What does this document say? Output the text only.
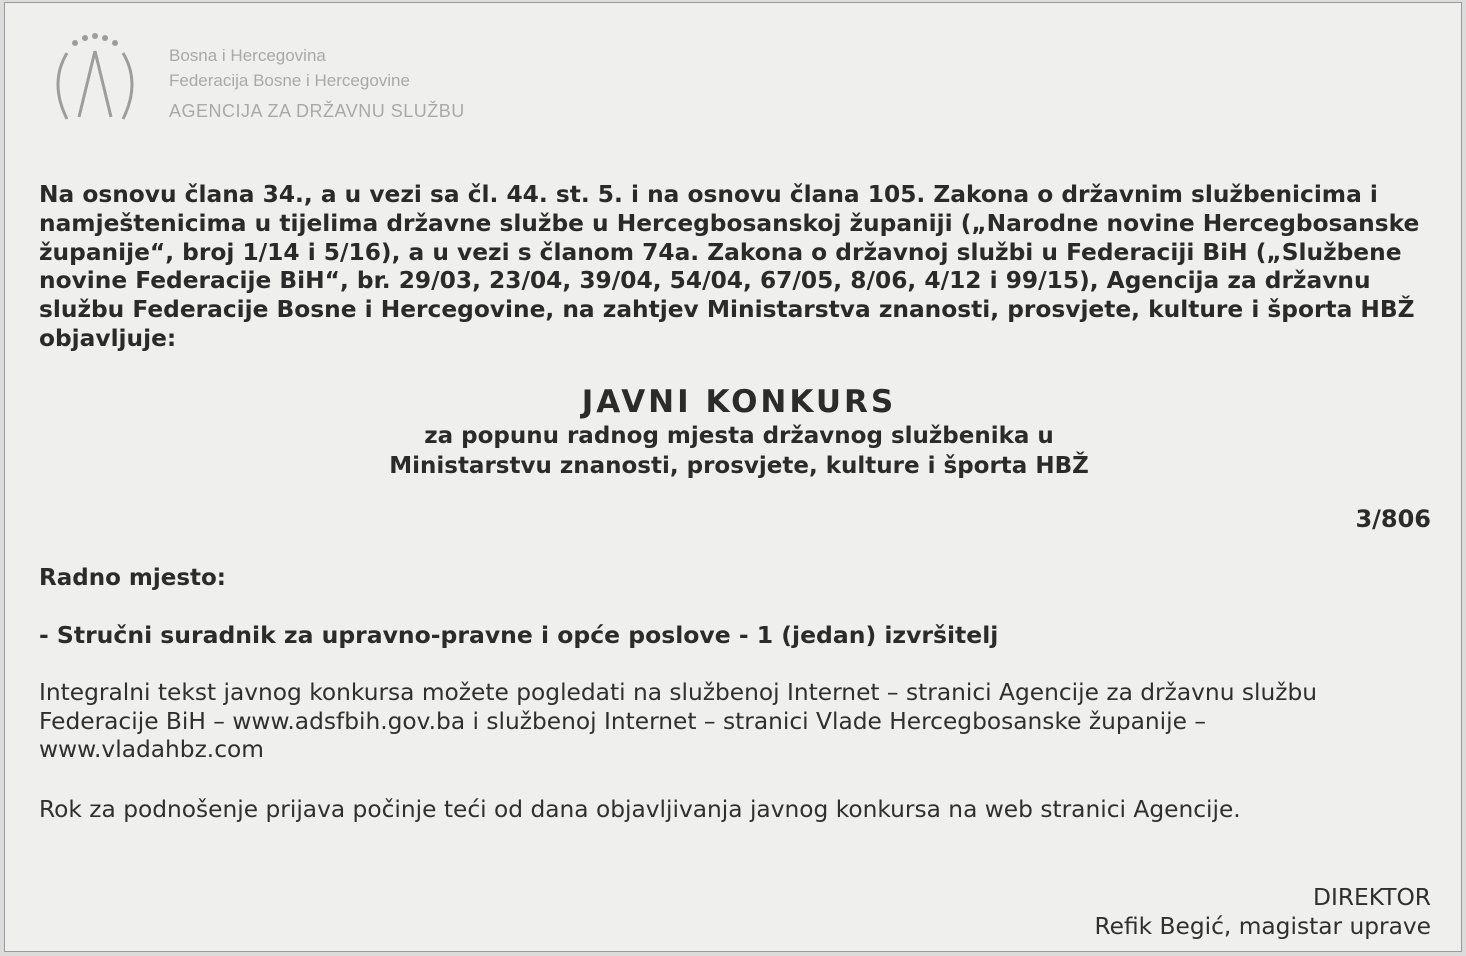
Bosna i Hercegovina
Federacija Bosne i Hercegovine
AGENCIJA ZA DRŽAVNU SLUŽBU

Na osnovu člana 34., a u vezi sa čl. 44. st. 5. i na osnovu člana 105. Zakona o državnim službenicima i namještenicima u tijelima državne službe u Hercegbosanskoj županiji („Narodne novine Hercegbosanske županije“, broj 1/14 i 5/16), a u vezi s članom 74a. Zakona o državnoj službi u Federaciji BiH („Službene novine Federacije BiH“, br. 29/03, 23/04, 39/04, 54/04, 67/05, 8/06, 4/12 i 99/15), Agencija za državnu službu Federacije Bosne i Hercegovine, na zahtjev Ministarstva znanosti, prosvjete, kulture i športa HBŽ objavljuje:

JAVNI KONKURS
za popunu radnog mjesta državnog službenika u
Ministarstvu znanosti, prosvjete, kulture i športa HBŽ
3/806
Radno mjesto:
- Stručni suradnik za upravno-pravne i opće poslove - 1 (jedan) izvršitelj

Integralni tekst javnog konkursa možete pogledati na službenoj Internet – stranici Agencije za državnu službu Federacije BiH – www.adsfbih.gov.ba i službenoj Internet – stranici Vlade Hercegbosanske županije – www.vladahbz.com

Rok za podnošenje prijava počinje teći od dana objavljivanja javnog konkursa na web stranici Agencije.

DIREKTOR
Refik Begić, magistar uprave
